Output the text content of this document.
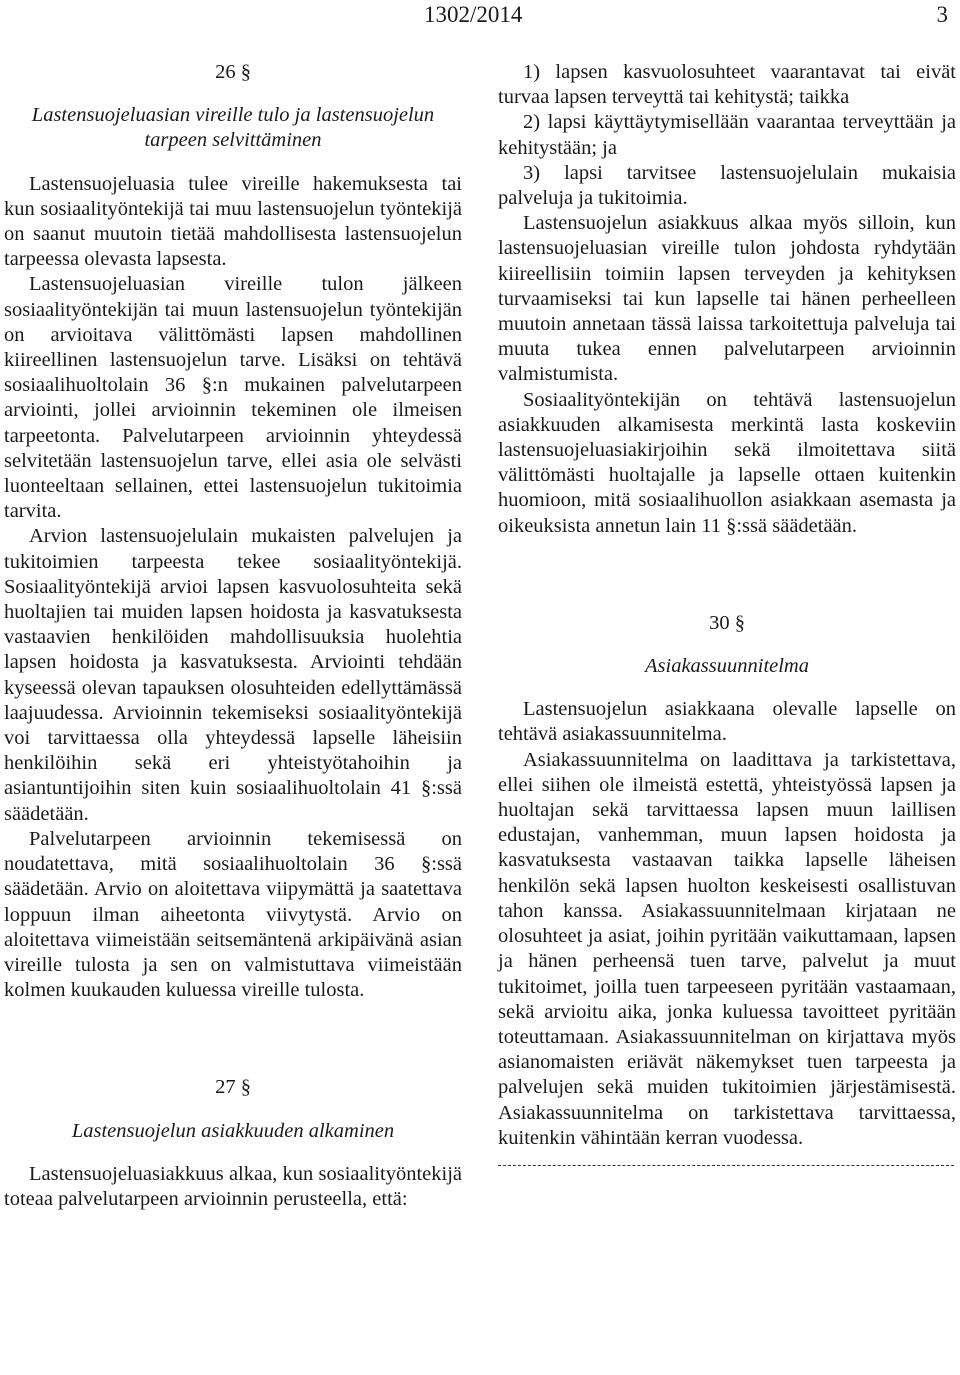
1302/2014	3
26 §
Lastensuojeluasian vireille tulo ja lastensuojelun tarpeen selvittäminen

Lastensuojeluasia tulee vireille hakemuksesta tai kun sosiaalityöntekijä tai muu lastensuojelun työntekijä on saanut muutoin tietää mahdollisesta lastensuojelun tarpeessa olevasta lapsesta.

Lastensuojeluasian vireille tulon jälkeen sosiaalityöntekijän tai muun lastensuojelun työntekijän on arvioitava välittömästi lapsen mahdollinen kiireellinen lastensuojelun tarve. Lisäksi on tehtävä sosiaalihuoltolain 36 §:n mukainen palvelutarpeen arviointi, jollei arvioinnin tekeminen ole ilmeisen tarpeetonta. Palvelutarpeen arvioinnin yhteydessä selvitetään lastensuojelun tarve, ellei asia ole selvästi luonteeltaan sellainen, ettei lastensuojelun tukitoimia tarvita.

Arvion lastensuojelulain mukaisten palvelujen ja tukitoimien tarpeesta tekee sosiaalityöntekijä. Sosiaalityöntekijä arvioi lapsen kasvuolosuhteita sekä huoltajien tai muiden lapsen hoidosta ja kasvatuksesta vastaavien henkilöiden mahdollisuuksia huolehtia lapsen hoidosta ja kasvatuksesta. Arviointi tehdään kyseessä olevan tapauksen olosuhteiden edellyttämässä laajuudessa. Arvioinnin tekemiseksi sosiaalityöntekijä voi tarvittaessa olla yhteydessä lapselle läheisiin henkilöihin sekä eri yhteistyötahoihin ja asiantuntijoihin siten kuin sosiaalihuoltolain 41 §:ssä säädetään.

Palvelutarpeen arvioinnin tekemisessä on noudatettava, mitä sosiaalihuoltolain 36 §:ssä säädetään. Arvio on aloitettava viipymättä ja saatettava loppuun ilman aiheetonta viivytystä. Arvio on aloitettava viimeistään seitsemäntenä arkipäivänä asian vireille tulosta ja sen on valmistuttava viimeistään kolmen kuukauden kuluessa vireille tulosta.

27 §
Lastensuojelun asiakkuuden alkaminen

Lastensuojeluasiakkuus alkaa, kun sosiaalityöntekijä toteaa palvelutarpeen arvioinnin perusteella, että:

1) lapsen kasvuolosuhteet vaarantavat tai eivät turvaa lapsen terveyttä tai kehitystä; taikka

2) lapsi käyttäytymisellään vaarantaa terveyttään ja kehitystään; ja

3) lapsi tarvitsee lastensuojelulain mukaisia palveluja ja tukitoimia.

Lastensuojelun asiakkuus alkaa myös silloin, kun lastensuojeluasian vireille tulon johdosta ryhdytään kiireellisiin toimiin lapsen terveyden ja kehityksen turvaamiseksi tai kun lapselle tai hänen perheelleen muutoin annetaan tässä laissa tarkoitettuja palveluja tai muuta tukea ennen palvelutarpeen arvioinnin valmistumista.

Sosiaalityöntekijän on tehtävä lastensuojelun asiakkuuden alkamisesta merkintä lasta koskeviin lastensuojeluasiakirjoihin sekä ilmoitettava siitä välittömästi huoltajalle ja lapselle ottaen kuitenkin huomioon, mitä sosiaalihuollon asiakkaan asemasta ja oikeuksista annetun lain 11 §:ssä säädetään.

30 §
Asiakassuunnitelma

Lastensuojelun asiakkaana olevalle lapselle on tehtävä asiakassuunnitelma.

Asiakassuunnitelma on laadittava ja tarkistettava, ellei siihen ole ilmeistä estettä, yhteistyössä lapsen ja huoltajan sekä tarvittaessa lapsen muun laillisen edustajan, vanhemman, muun lapsen hoidosta ja kasvatuksesta vastaavan taikka lapselle läheisen henkilön sekä lapsen huolton keskeisesti osallistuvan tahon kanssa. Asiakassuunnitelmaan kirjataan ne olosuhteet ja asiat, joihin pyritään vaikuttamaan, lapsen ja hänen perheensä tuen tarve, palvelut ja muut tukitoimet, joilla tuen tarpeeseen pyritään vastaamaan, sekä arvioitu aika, jonka kuluessa tavoitteet pyritään toteuttamaan. Asiakassuunnitelman on kirjattava myös asianomaisten eriävät näkemykset tuen tarpeesta ja palvelujen sekä muiden tukitoimien järjestämisestä. Asiakassuunnitelma on tarkistettava tarvittaessa, kuitenkin vähintään kerran vuodessa.
